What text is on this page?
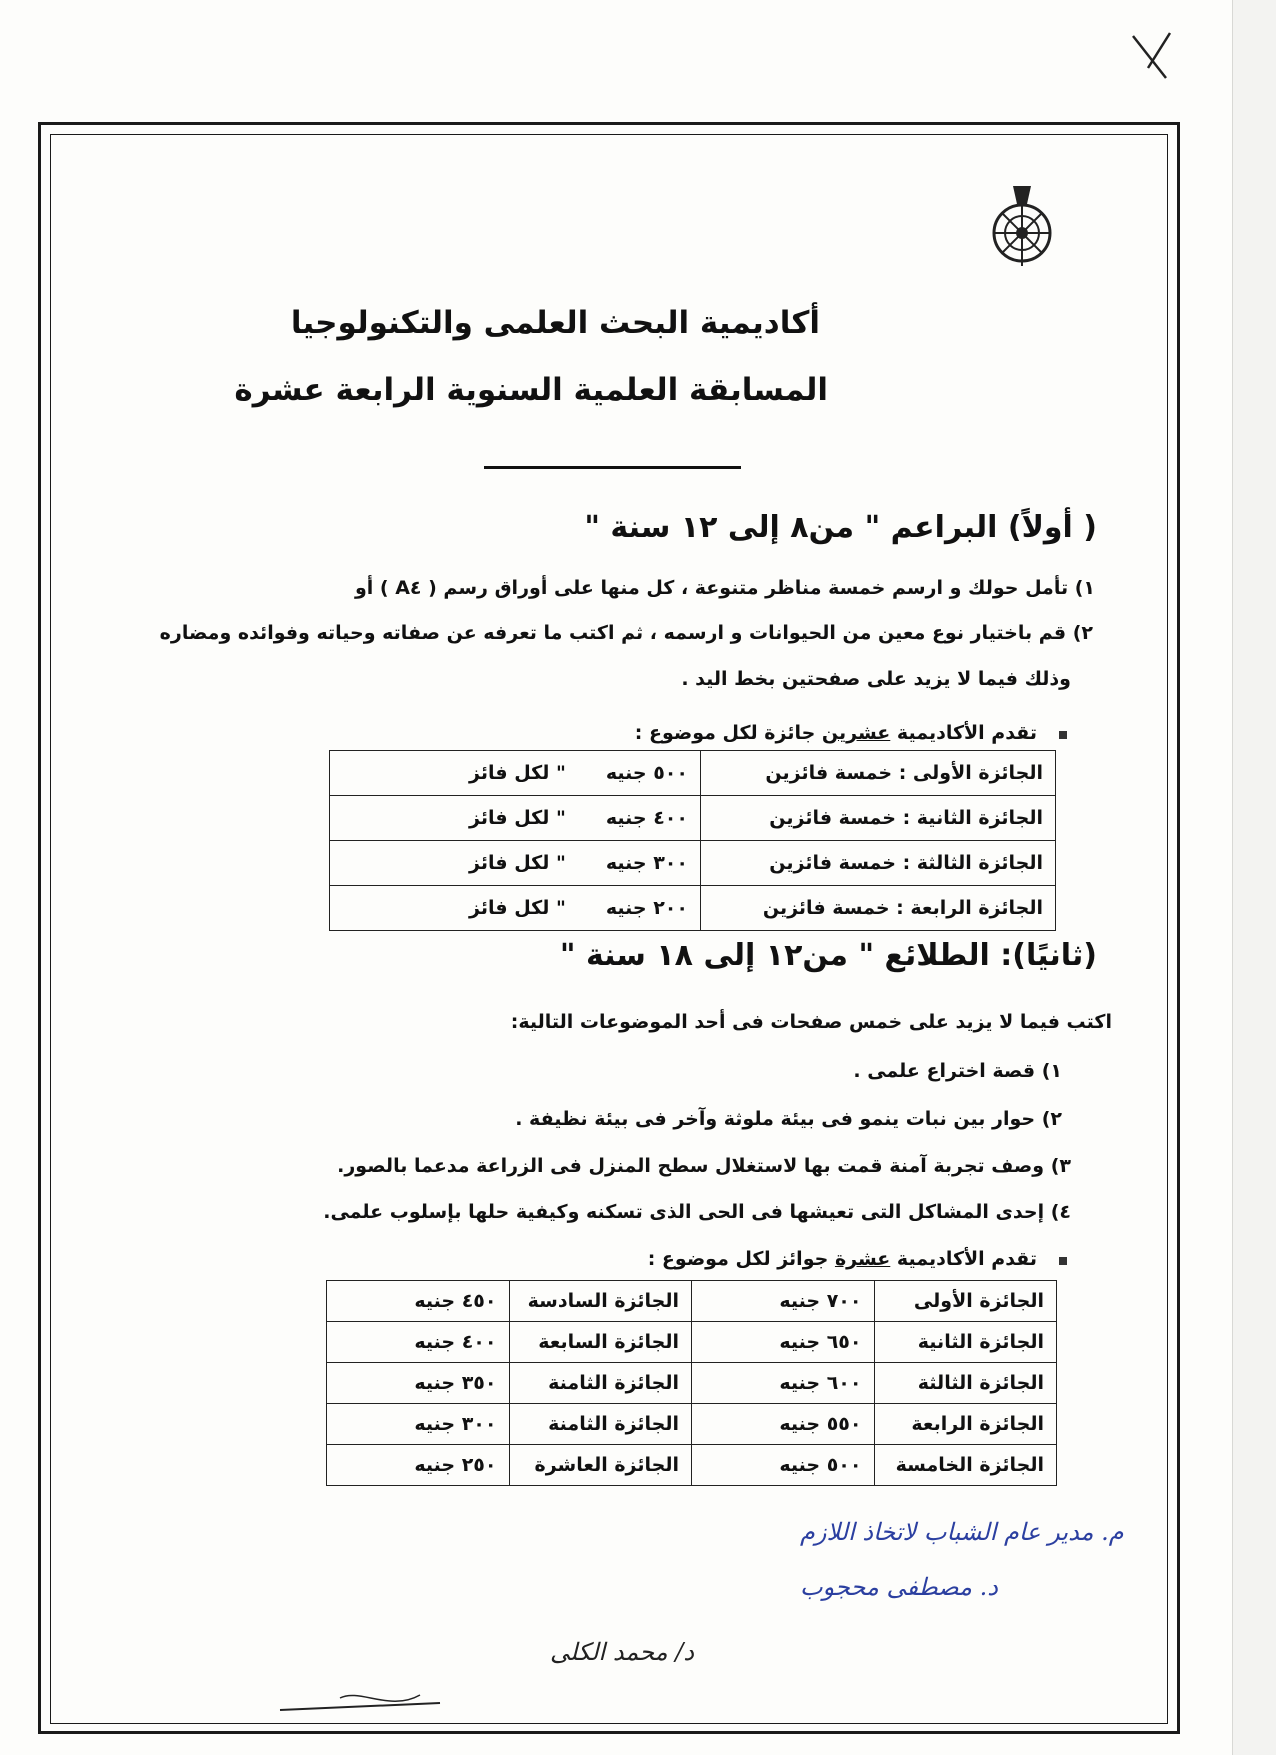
أكاديمية البحث العلمى والتكنولوجيا
المسابقة العلمية السنوية الرابعة عشرة
( أولاً) البراعم " من٨ إلى ١٢ سنة "
١) تأمل حولك و ارسم خمسة مناظر متنوعة ، كل منها على أوراق رسم ( A٤ ) أو
٢) قم باختيار نوع معين من الحيوانات و ارسمه ، ثم اكتب ما تعرفه عن صفاته وحياته وفوائده ومضاره
وذلك فيما لا يزيد على صفحتين بخط اليد .
تقدم الأكاديمية عشرين جائزة لكل موضوع :
الجائزة الأولى : خمسة فائزين	٥٠٠ جنيه" لكل فائز
الجائزة الثانية : خمسة فائزين	٤٠٠ جنيه" لكل فائز
الجائزة الثالثة : خمسة فائزين	٣٠٠ جنيه" لكل فائز
الجائزة الرابعة : خمسة فائزين	٢٠٠ جنيه" لكل فائز
(ثانيًا): الطلائع " من١٢ إلى ١٨ سنة "
اكتب فيما لا يزيد على خمس صفحات فى أحد الموضوعات التالية:
١) قصة اختراع علمى .
٢) حوار بين نبات ينمو فى بيئة ملوثة وآخر فى بيئة نظيفة .
٣) وصف تجربة آمنة قمت بها لاستغلال سطح المنزل فى الزراعة مدعما بالصور.
٤) إحدى المشاكل التى تعيشها فى الحى الذى تسكنه وكيفية حلها بإسلوب علمى.
تقدم الأكاديمية عشرة جوائز لكل موضوع :
الجائزة الأولى	٧٠٠ جنيه	الجائزة السادسة	٤٥٠ جنيه
الجائزة الثانية	٦٥٠ جنيه	الجائزة السابعة	٤٠٠ جنيه
الجائزة الثالثة	٦٠٠ جنيه	الجائزة الثامنة	٣٥٠ جنيه
الجائزة الرابعة	٥٥٠ جنيه	الجائزة الثامنة	٣٠٠ جنيه
الجائزة الخامسة	٥٠٠ جنيه	الجائزة العاشرة	٢٥٠ جنيه
م. مدير عام الشباب لاتخاذ اللازم
د. مصطفى محجوب
د/ محمد الكلى
